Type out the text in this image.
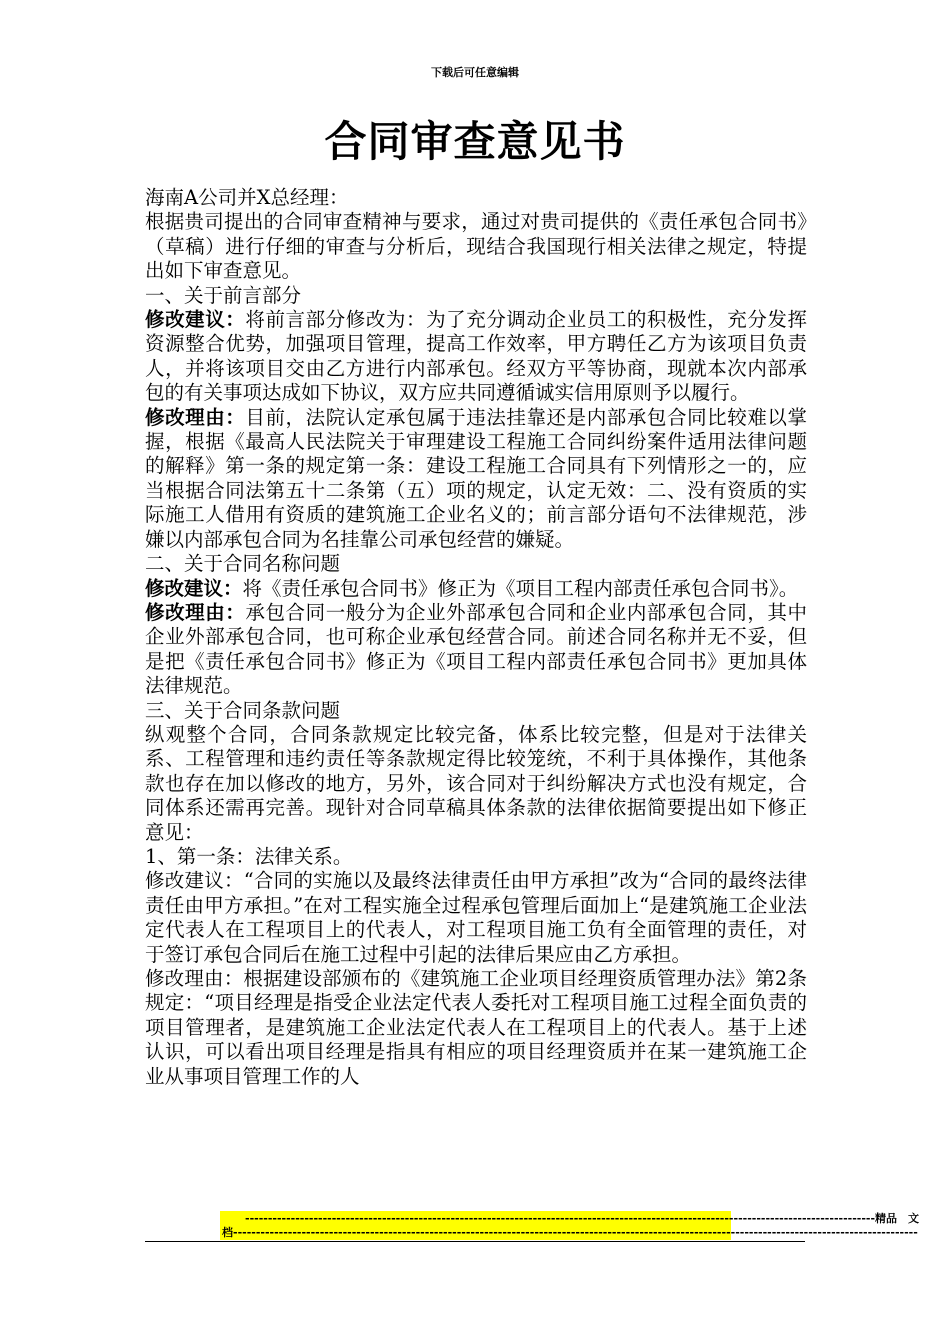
下载后可任意编辑
合同审查意见书

海南A公司并X总经理：

根据贵司提出的合同审查精神与要求，通过对贵司提供的《责任承包合同书》（草稿）进行仔细的审查与分析后，现结合我国现行相关法律之规定，特提出如下审查意见。

一、关于前言部分

修改建议：将前言部分修改为：为了充分调动企业员工的积极性，充分发挥资源整合优势，加强项目管理，提高工作效率，甲方聘任乙方为该项目负责人，并将该项目交由乙方进行内部承包。经双方平等协商，现就本次内部承包的有关事项达成如下协议，双方应共同遵循诚实信用原则予以履行。

修改理由：目前，法院认定承包属于违法挂靠还是内部承包合同比较难以掌握，根据《最高人民法院关于审理建设工程施工合同纠纷案件适用法律问题的解释》第一条的规定第一条：建设工程施工合同具有下列情形之一的，应当根据合同法第五十二条第（五）项的规定，认定无效：二、没有资质的实际施工人借用有资质的建筑施工企业名义的；前言部分语句不法律规范，涉嫌以内部承包合同为名挂靠公司承包经营的嫌疑。

二、关于合同名称问题

修改建议：将《责任承包合同书》修正为《项目工程内部责任承包合同书》。

修改理由：承包合同一般分为企业外部承包合同和企业内部承包合同，其中企业外部承包合同，也可称企业承包经营合同。前述合同名称并无不妥，但是把《责任承包合同书》修正为《项目工程内部责任承包合同书》更加具体法律规范。

三、关于合同条款问题

纵观整个合同，合同条款规定比较完备，体系比较完整，但是对于法律关系、工程管理和违约责任等条款规定得比较笼统，不利于具体操作，其他条款也存在加以修改的地方，另外，该合同对于纠纷解决方式也没有规定，合同体系还需再完善。现针对合同草稿具体条款的法律依据简要提出如下修正意见：

1、第一条：法律关系。

修改建议：“合同的实施以及最终法律责任由甲方承担”改为“合同的最终法律责任由甲方承担。”在对工程实施全过程承包管理后面加上“是建筑施工企业法定代表人在工程项目上的代表人，对工程项目施工负有全面管理的责任，对于签订承包合同后在施工过程中引起的法律后果应由乙方承担。

修改理由：根据建设部颁布的《建筑施工企业项目经理资质管理办法》第2条规定：“项目经理是指受企业法定代表人委托对工程项目施工过程全面负责的项目管理者，是建筑施工企业法定代表人在工程项目上的代表人。基于上述认识，可以看出项目经理是指具有相应的项目经理资质并在某一建筑施工企业从事项目管理工作的人

------------------------------------------------------------------------------------------------------------------------------------------精品　文
档------------------------------------------------------------------------------------------------------------------------------------------------------
